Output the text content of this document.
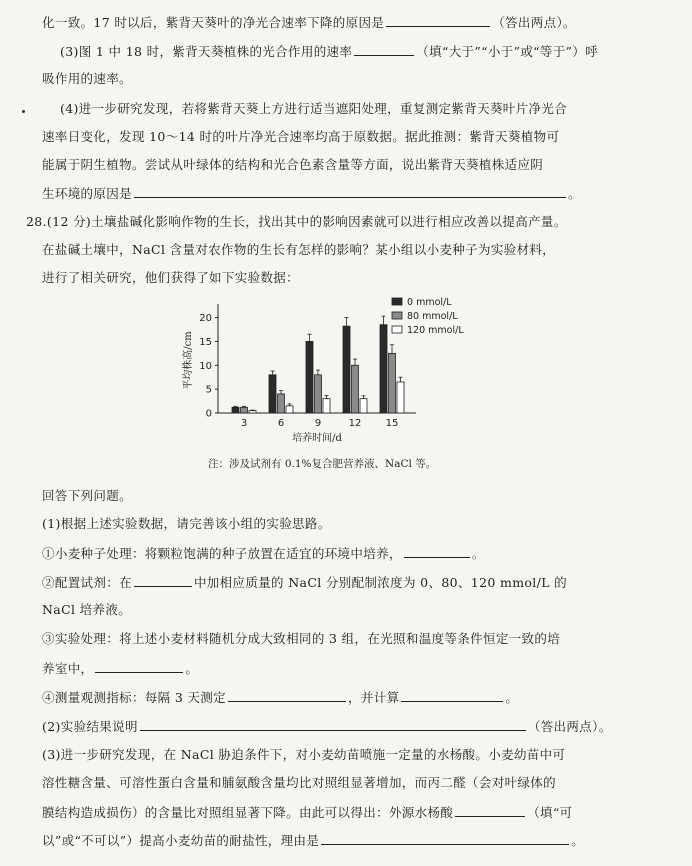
化一致。17 时以后，紫背天葵叶的净光合速率下降的原因是	（答出两点）。
(3)图 1 中 18 时，紫背天葵植株的光合作用的速率	（填“大于”“小于”或“等于”）呼
吸作用的速率。
(4)进一步研究发现，若将紫背天葵上方进行适当遮阳处理，重复测定紫背天葵叶片净光合
速率日变化，发现 10～14 时的叶片净光合速率均高于原数据。据此推测：紫背天葵植物可
能属于阴生植物。尝试从叶绿体的结构和光合色素含量等方面，说出紫背天葵植株适应阴
生环境的原因是	。
28.(12 分)土壤盐碱化影响作物的生长，找出其中的影响因素就可以进行相应改善以提高产量。
在盐碱土壤中，NaCl 含量对农作物的生长有怎样的影响？某小组以小麦种子为实验材料，
进行了相关研究，他们获得了如下实验数据：
0
5
10
15
20
平均株高/cm
3	6	9	12 15
培养时间/d
0 mmol/L
80 mmol/L
120 mmol/L
注：涉及试剂有 0.1%复合肥营养液、NaCl 等。
回答下列问题。
(1)根据上述实验数据，请完善该小组的实验思路。
①小麦种子处理：将颗粒饱满的种子放置在适宜的环境中培养，	。
②配置试剂：在	中加相应质量的 NaCl 分别配制浓度为 0、80、120 mmol/L 的
NaCl 培养液。
③实验处理：将上述小麦材料随机分成大致相同的 3 组，在光照和温度等条件恒定一致的培
养室中，	。
④测量观测指标：每隔 3 天测定	，并计算	。
(2)实验结果说明	（答出两点）。
(3)进一步研究发现，在 NaCl 胁迫条件下，对小麦幼苗喷施一定量的水杨酸。小麦幼苗中可
溶性糖含量、可溶性蛋白含量和脯氨酸含量均比对照组显著增加，而丙二醛（会对叶绿体的
膜结构造成损伤）的含量比对照组显著下降。由此可以得出：外源水杨酸	（填“可
以”或“不可以”）提高小麦幼苗的耐盐性，理由是	。
